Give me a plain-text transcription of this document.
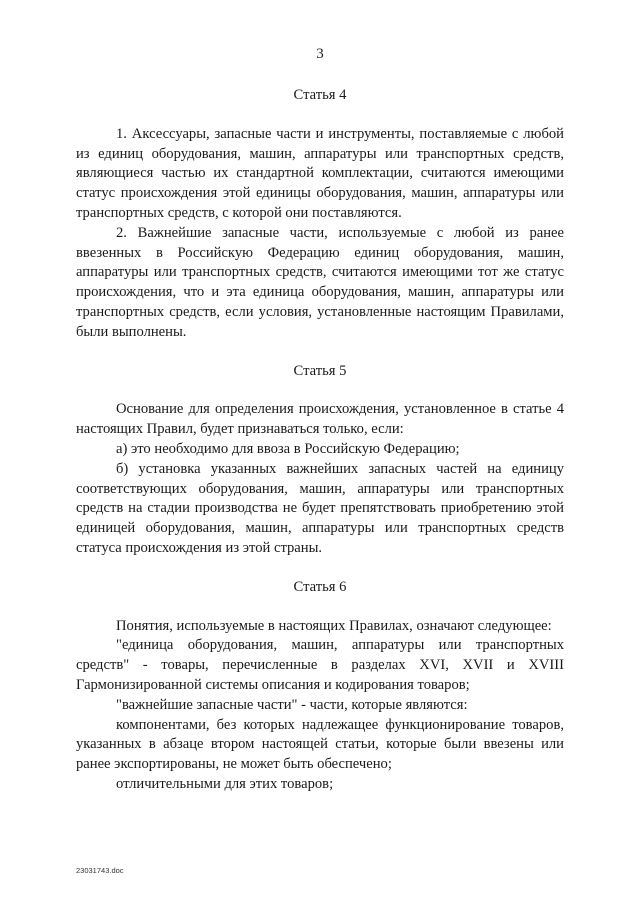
3

Статья 4

1. Аксессуары, запасные части и инструменты, поставляемые с любой из единиц оборудования, машин, аппаратуры или транспортных средств, являющиеся частью их стандартной комплектации, считаются имеющими статус происхождения этой единицы оборудования, машин, аппаратуры или транспортных средств, с которой они поставляются.

2. Важнейшие запасные части, используемые с любой из ранее ввезенных в Российскую Федерацию единиц оборудования, машин, аппаратуры или транспортных средств, считаются имеющими тот же статус происхождения, что и эта единица оборудования, машин, аппаратуры или транспортных средств, если условия, установленные настоящим Правилами, были выполнены.

Статья 5

Основание для определения происхождения, установленное в статье 4 настоящих Правил, будет признаваться только, если:

а) это необходимо для ввоза в Российскую Федерацию;

б) установка указанных важнейших запасных частей на единицу соответствующих оборудования, машин, аппаратуры или транспортных средств на стадии производства не будет препятствовать приобретению этой единицей оборудования, машин, аппаратуры или транспортных средств статуса происхождения из этой страны.

Статья 6

Понятия, используемые в настоящих Правилах, означают следующее:

"единица оборудования, машин, аппаратуры или транспортных средств" - товары, перечисленные в разделах XVI, XVII и XVIII Гармонизированной системы описания и кодирования товаров;

"важнейшие запасные части" - части, которые являются:

компонентами, без которых надлежащее функционирование товаров, указанных в абзаце втором настоящей статьи, которые были ввезены или ранее экспортированы, не может быть обеспечено;

отличительными для этих товаров;

23031743.doc
